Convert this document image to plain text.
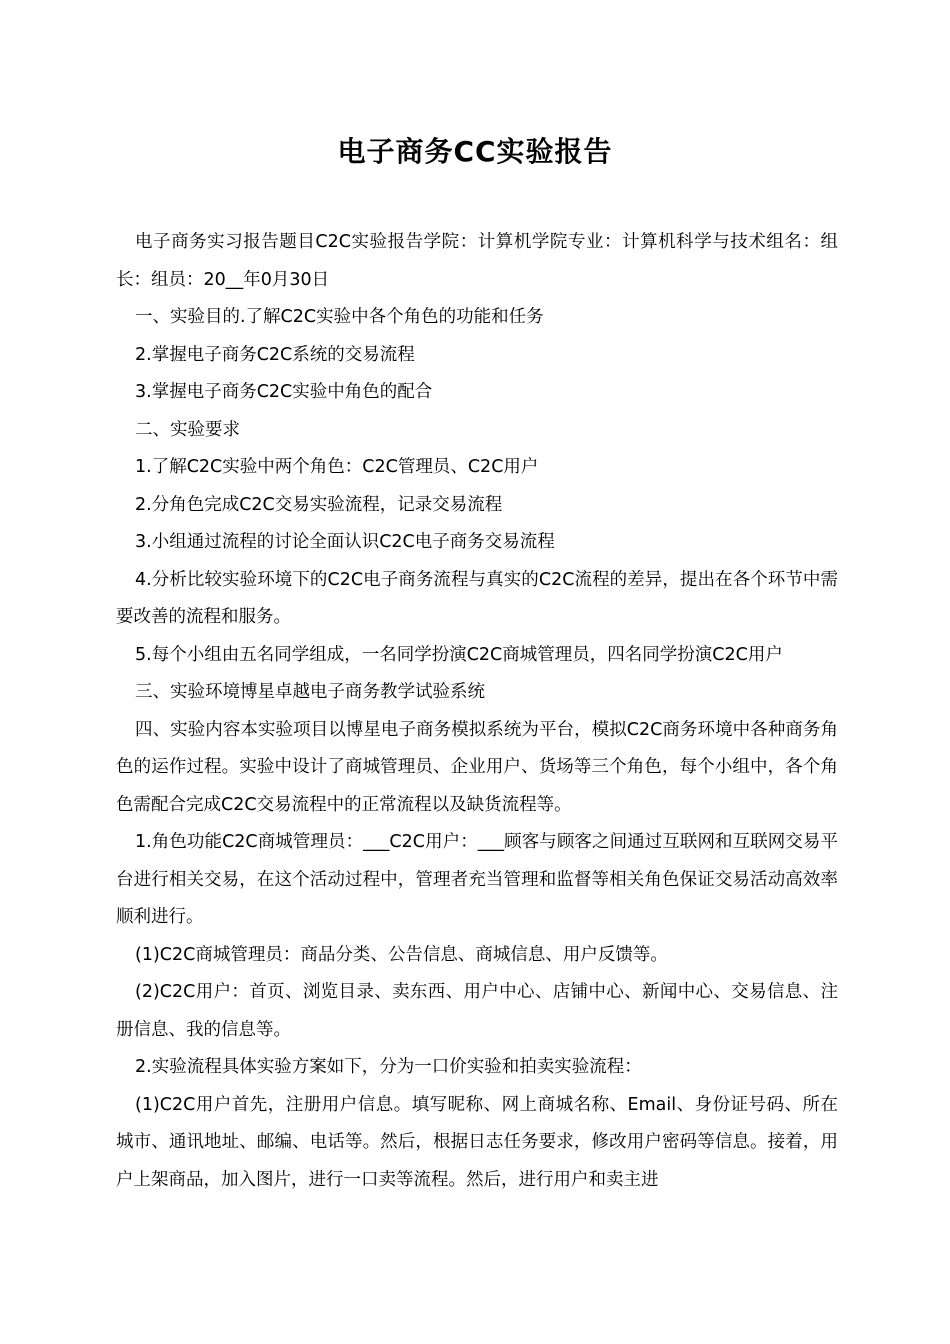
电子商务CC实验报告

电子商务实习报告题目C2C实验报告学院：计算机学院专业：计算机科学与技术组名：组长：组员：20__年0月30日

一、实验目的.了解C2C实验中各个角色的功能和任务

2.掌握电子商务C2C系统的交易流程

3.掌握电子商务C2C实验中角色的配合

二、实验要求

1.了解C2C实验中两个角色：C2C管理员、C2C用户

2.分角色完成C2C交易实验流程，记录交易流程

3.小组通过流程的讨论全面认识C2C电子商务交易流程

4.分析比较实验环境下的C2C电子商务流程与真实的C2C流程的差异，提出在各个环节中需要改善的流程和服务。

5.每个小组由五名同学组成，一名同学扮演C2C商城管理员，四名同学扮演C2C用户

三、实验环境博星卓越电子商务教学试验系统

四、实验内容本实验项目以博星电子商务模拟系统为平台，模拟C2C商务环境中各种商务角色的运作过程。实验中设计了商城管理员、企业用户、货场等三个角色，每个小组中，各个角色需配合完成C2C交易流程中的正常流程以及缺货流程等。

1.角色功能C2C商城管理员：___C2C用户：___顾客与顾客之间通过互联网和互联网交易平台进行相关交易，在这个活动过程中，管理者充当管理和监督等相关角色保证交易活动高效率顺利进行。

(1)C2C商城管理员：商品分类、公告信息、商城信息、用户反馈等。

(2)C2C用户：首页、浏览目录、卖东西、用户中心、店铺中心、新闻中心、交易信息、注册信息、我的信息等。

2.实验流程具体实验方案如下，分为一口价实验和拍卖实验流程：

(1)C2C用户首先，注册用户信息。填写昵称、网上商城名称、Email、身份证号码、所在城市、通讯地址、邮编、电话等。然后，根据日志任务要求，修改用户密码等信息。接着，用户上架商品，加入图片，进行一口卖等流程。然后，进行用户和卖主进
